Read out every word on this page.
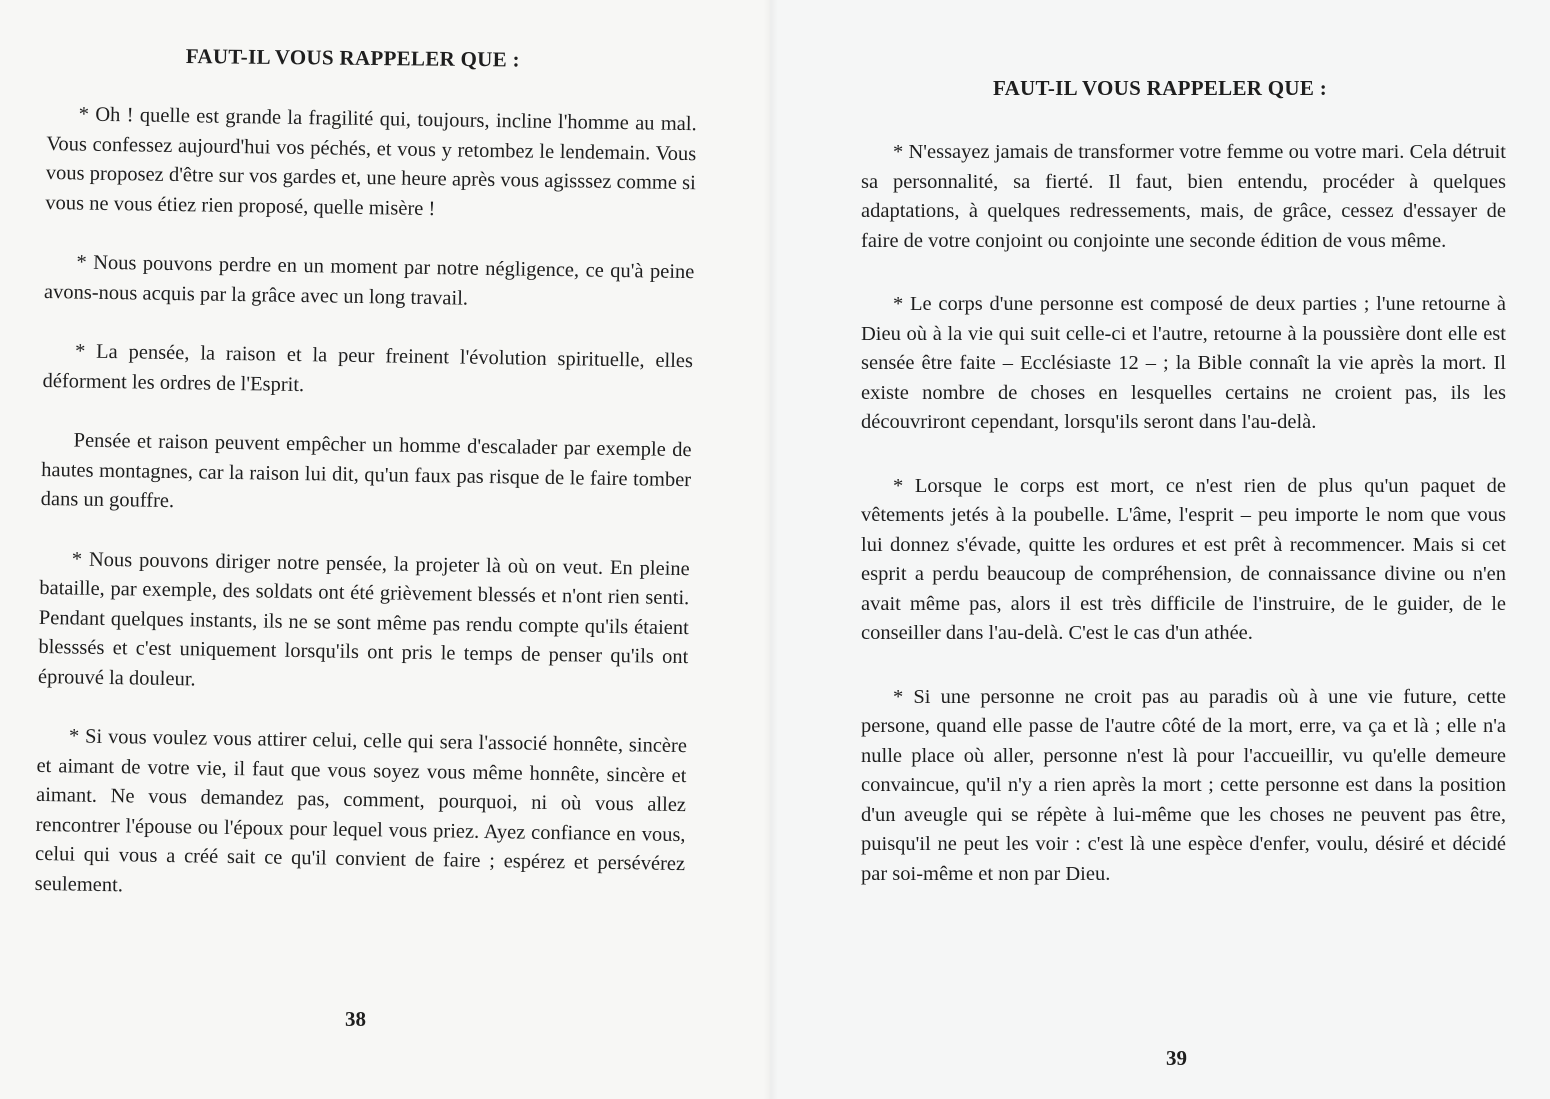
FAUT-IL VOUS RAPPELER QUE :

* Oh ! quelle est grande la fragilité qui, toujours, incline l'homme au mal. Vous confessez aujourd'hui vos péchés, et vous y retombez le lendemain. Vous vous proposez d'être sur vos gardes et, une heure après vous agisssez comme si vous ne vous étiez rien proposé, quelle misère !

* Nous pouvons perdre en un moment par notre négligence, ce qu'à peine avons-nous acquis par la grâce avec un long travail.

* La pensée, la raison et la peur freinent l'évolution spirituelle, elles déforment les ordres de l'Esprit.

Pensée et raison peuvent empêcher un homme d'escalader par exemple de hautes montagnes, car la raison lui dit, qu'un faux pas risque de le faire tomber dans un gouffre.

* Nous pouvons diriger notre pensée, la projeter là où on veut. En pleine bataille, par exemple, des soldats ont été grièvement blessés et n'ont rien senti. Pendant quelques instants, ils ne se sont même pas rendu compte qu'ils étaient blesssés et c'est uniquement lorsqu'ils ont pris le temps de penser qu'ils ont éprouvé la douleur.

* Si vous voulez vous attirer celui, celle qui sera l'associé honnête, sincère et aimant de votre vie, il faut que vous soyez vous même honnête, sincère et aimant. Ne vous demandez pas, comment, pourquoi, ni où vous allez rencontrer l'épouse ou l'époux pour lequel vous priez. Ayez confiance en vous, celui qui vous a créé sait ce qu'il convient de faire ; espérez et persévérez seulement.

38

FAUT-IL VOUS RAPPELER QUE :

* N'essayez jamais de transformer votre femme ou votre mari. Cela détruit sa personnalité, sa fierté. Il faut, bien entendu, procéder à quelques adaptations, à quelques redressements, mais, de grâce, cessez d'essayer de faire de votre conjoint ou conjointe une seconde édition de vous même.

* Le corps d'une personne est composé de deux parties ; l'une retourne à Dieu où à la vie qui suit celle-ci et l'autre, retourne à la poussière dont elle est sensée être faite – Ecclésiaste 12 – ; la Bible connaît la vie après la mort. Il existe nombre de choses en lesquelles certains ne croient pas, ils les découvriront cependant, lorsqu'ils seront dans l'au-delà.

* Lorsque le corps est mort, ce n'est rien de plus qu'un paquet de vêtements jetés à la poubelle. L'âme, l'esprit – peu importe le nom que vous lui donnez s'évade, quitte les ordures et est prêt à recommencer. Mais si cet esprit a perdu beaucoup de compréhension, de connaissance divine ou n'en avait même pas, alors il est très difficile de l'instruire, de le guider, de le conseiller dans l'au-delà. C'est le cas d'un athée.

* Si une personne ne croit pas au paradis où à une vie future, cette persone, quand elle passe de l'autre côté de la mort, erre, va ça et là ; elle n'a nulle place où aller, personne n'est là pour l'accueillir, vu qu'elle demeure convaincue, qu'il n'y a rien après la mort ; cette personne est dans la position d'un aveugle qui se répète à lui-même que les choses ne peuvent pas être, puisqu'il ne peut les voir : c'est là une espèce d'enfer, voulu, désiré et décidé par soi-même et non par Dieu.

39
